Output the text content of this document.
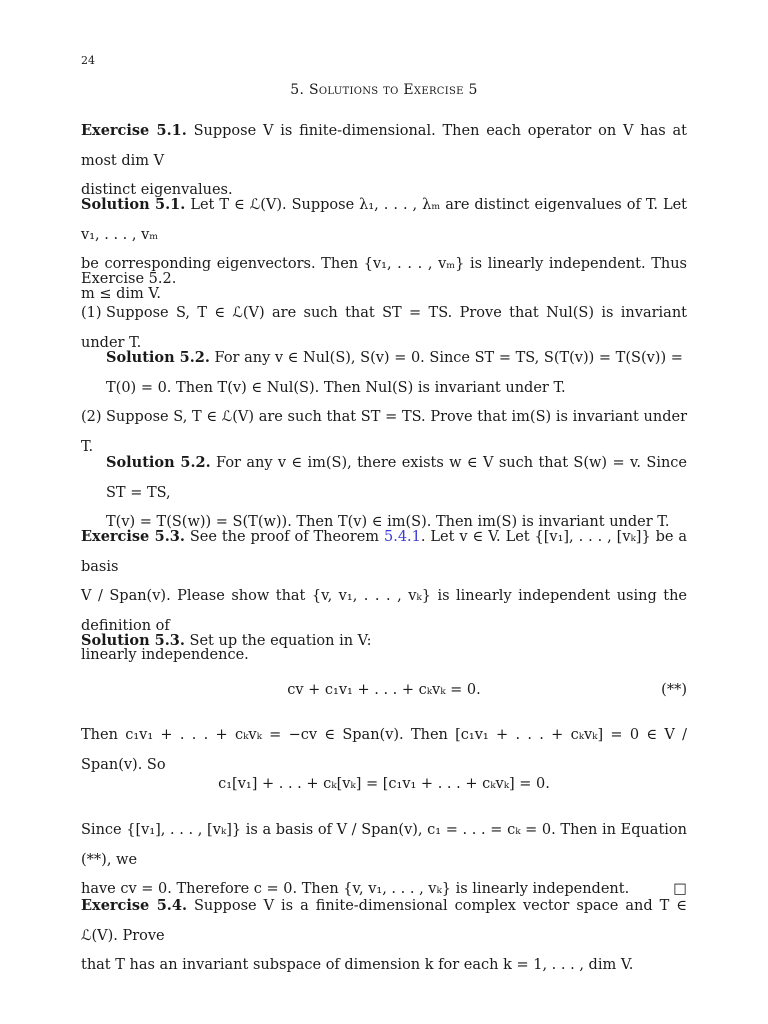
24
5. Solutions to Exercise 5
Exercise 5.1. Suppose V is finite-dimensional. Then each operator on V has at most dim V
distinct eigenvalues.
Solution 5.1. Let T ∈ ℒ(V). Suppose λ₁, . . . , λₘ are distinct eigenvalues of T. Let v₁, . . . , vₘ
be corresponding eigenvectors. Then {v₁, . . . , vₘ} is linearly independent. Thus m ≤ dim V.
Exercise 5.2.
(1) Suppose S, T ∈ ℒ(V) are such that ST = TS. Prove that Nul(S) is invariant under T.
Solution 5.2. For any v ∈ Nul(S), S(v) = 0. Since ST = TS, S(T(v)) = T(S(v)) =
T(0) = 0. Then T(v) ∈ Nul(S). Then Nul(S) is invariant under T.
(2) Suppose S, T ∈ ℒ(V) are such that ST = TS. Prove that im(S) is invariant under T.
Solution 5.2. For any v ∈ im(S), there exists w ∈ V such that S(w) = v. Since ST = TS,
T(v) = T(S(w)) = S(T(w)). Then T(v) ∈ im(S). Then im(S) is invariant under T.
Exercise 5.3. See the proof of Theorem 5.4.1. Let v ∈ V. Let {[v₁], . . . , [vₖ]} be a basis
V / Span(v). Please show that {v, v₁, . . . , vₖ} is linearly independent using the definition of
linearly independence.
Solution 5.3. Set up the equation in V:
cv + c₁v₁ + . . . + cₖvₖ = 0.	(**)
Then c₁v₁ + . . . + cₖvₖ = −cv ∈ Span(v). Then [c₁v₁ + . . . + cₖvₖ] = 0 ∈ V / Span(v). So
c₁[v₁] + . . . + cₖ[vₖ] = [c₁v₁ + . . . + cₖvₖ] = 0.
Since {[v₁], . . . , [vₖ]} is a basis of V / Span(v), c₁ = . . . = cₖ = 0. Then in Equation (**), we
have cv = 0. Therefore c = 0. Then {v, v₁, . . . , vₖ} is linearly independent.	□
Exercise 5.4. Suppose V is a finite-dimensional complex vector space and T ∈ ℒ(V). Prove
that T has an invariant subspace of dimension k for each k = 1, . . . , dim V.
